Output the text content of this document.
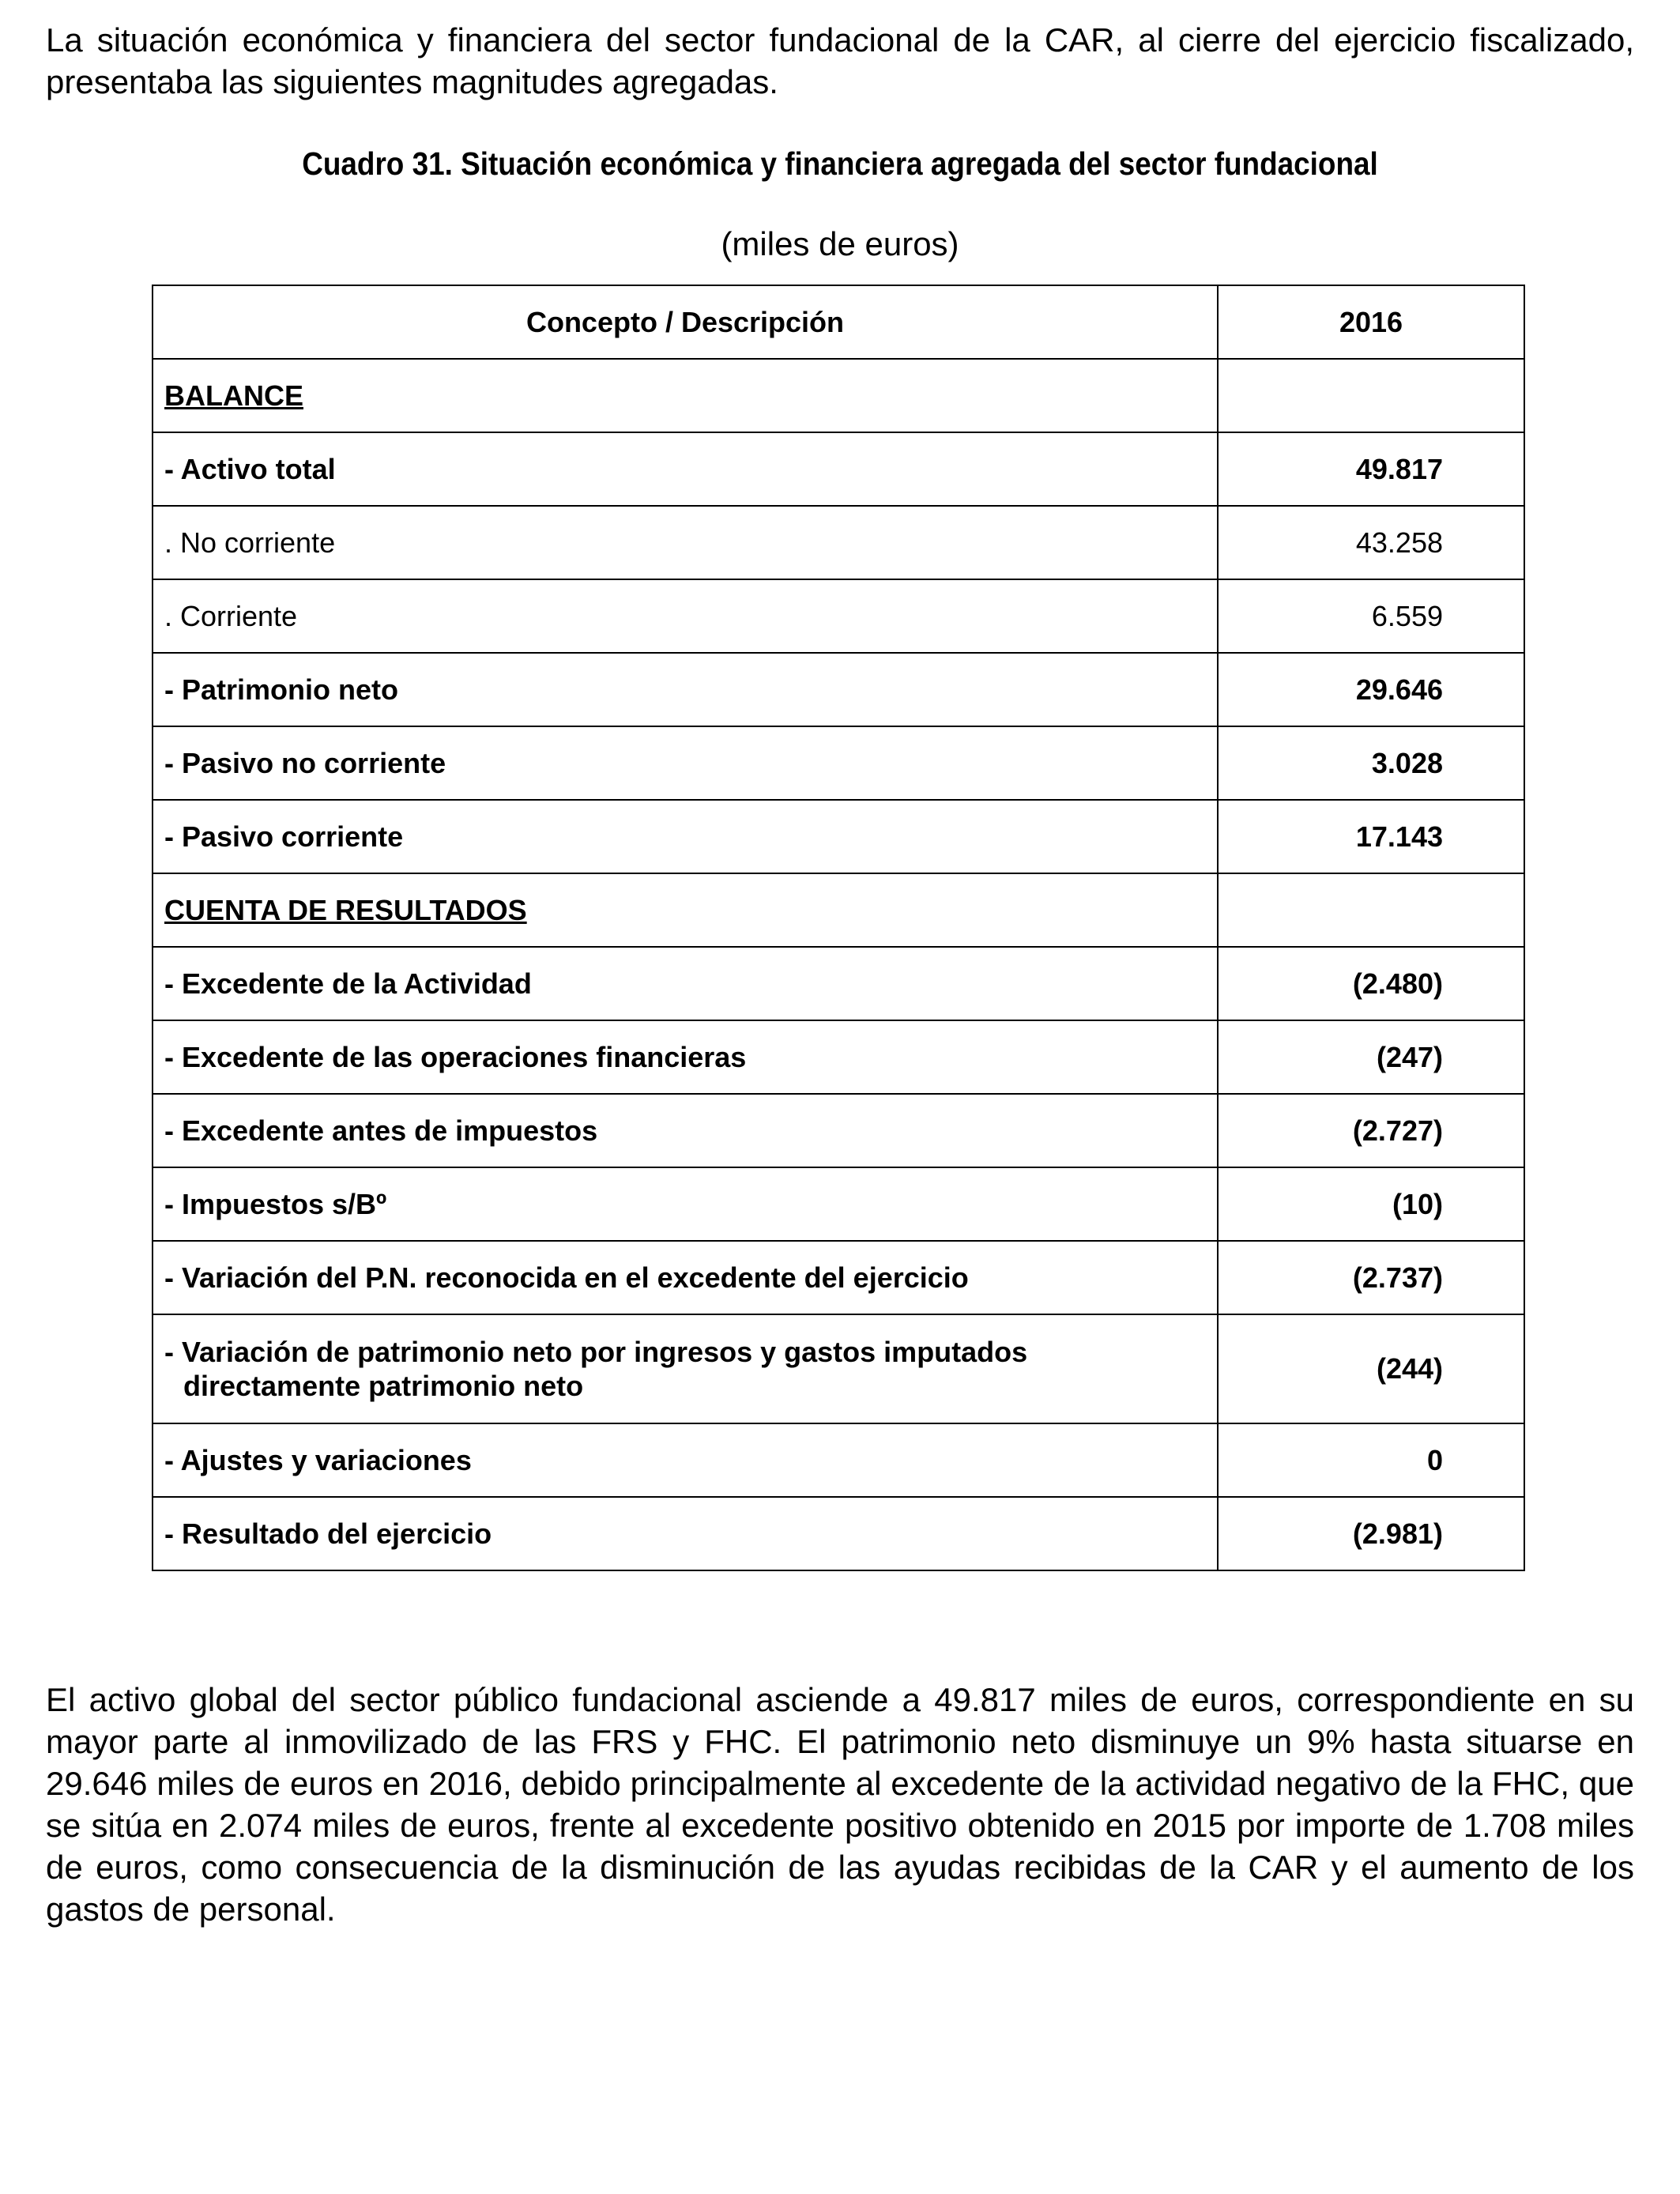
La situación económica y financiera del sector fundacional de la CAR, al cierre del ejercicio fiscalizado, presentaba las siguientes magnitudes agregadas.

Cuadro 31. Situación económica y financiera agregada del sector fundacional

(miles de euros)

Concepto / Descripción	2016
BALANCE	
- Activo total	49.817
. No corriente	43.258
. Corriente	6.559
- Patrimonio neto	29.646
- Pasivo no corriente	3.028
- Pasivo corriente	17.143
CUENTA DE RESULTADOS	
- Excedente de la Actividad	(2.480)
- Excedente de las operaciones financieras	(247)
- Excedente antes de impuestos	(2.727)
- Impuestos s/Bº	(10)
- Variación del P.N. reconocida en el excedente del ejercicio	(2.737)

- Variación de patrimonio neto por ingresos y gastos imputados directamente patrimonio neto	(244)
- Ajustes y variaciones	0
- Resultado del ejercicio	(2.981)

El activo global del sector público fundacional asciende a 49.817 miles de euros, correspondiente en su mayor parte al inmovilizado de las FRS y FHC. El patrimonio neto disminuye un 9% hasta situarse en 29.646 miles de euros en 2016, debido principalmente al excedente de la actividad negativo de la FHC, que se sitúa en 2.074 miles de euros, frente al excedente positivo obtenido en 2015 por importe de 1.708 miles de euros, como consecuencia de la disminución de las ayudas recibidas de la CAR y el aumento de los gastos de personal.
